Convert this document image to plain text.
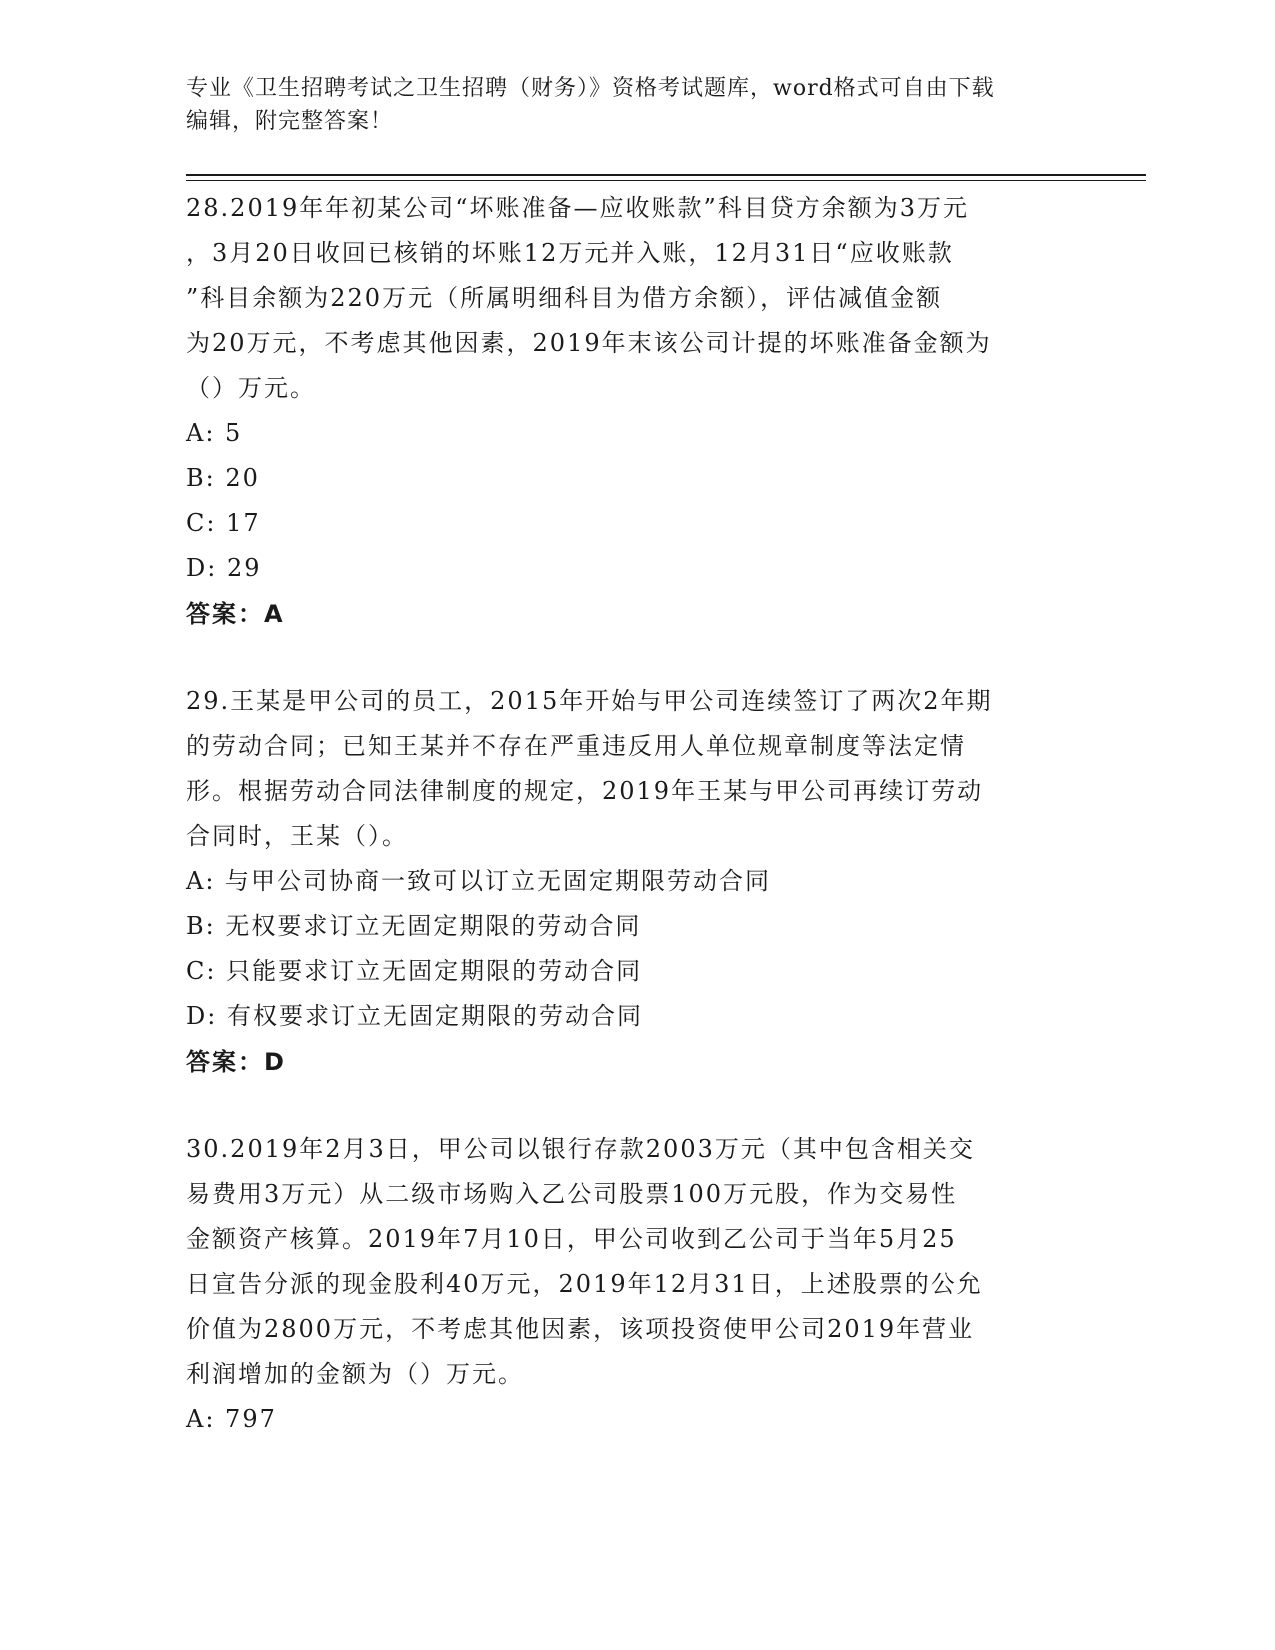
专业《卫生招聘考试之卫生招聘（财务）》资格考试题库，word格式可自由下载
编辑，附完整答案！

28.2019年年初某公司“坏账准备—应收账款”科目贷方余额为3万元

，3月20日收回已核销的坏账12万元并入账，12月31日“应收账款

”科目余额为220万元（所属明细科目为借方余额），评估减值金额

为20万元，不考虑其他因素，2019年末该公司计提的坏账准备金额为

（）万元。

A: 5

B: 20

C: 17

D: 29

答案：A

29.王某是甲公司的员工，2015年开始与甲公司连续签订了两次2年期

的劳动合同；已知王某并不存在严重违反用人单位规章制度等法定情

形。根据劳动合同法律制度的规定，2019年王某与甲公司再续订劳动

合同时，王某（）。

A: 与甲公司协商一致可以订立无固定期限劳动合同

B: 无权要求订立无固定期限的劳动合同

C: 只能要求订立无固定期限的劳动合同

D: 有权要求订立无固定期限的劳动合同

答案：D

30.2019年2月3日，甲公司以银行存款2003万元（其中包含相关交

易费用3万元）从二级市场购入乙公司股票100万元股，作为交易性

金额资产核算。2019年7月10日，甲公司收到乙公司于当年5月25

日宣告分派的现金股利40万元，2019年12月31日，上述股票的公允

价值为2800万元，不考虑其他因素，该项投资使甲公司2019年营业

利润增加的金额为（）万元。

A: 797
